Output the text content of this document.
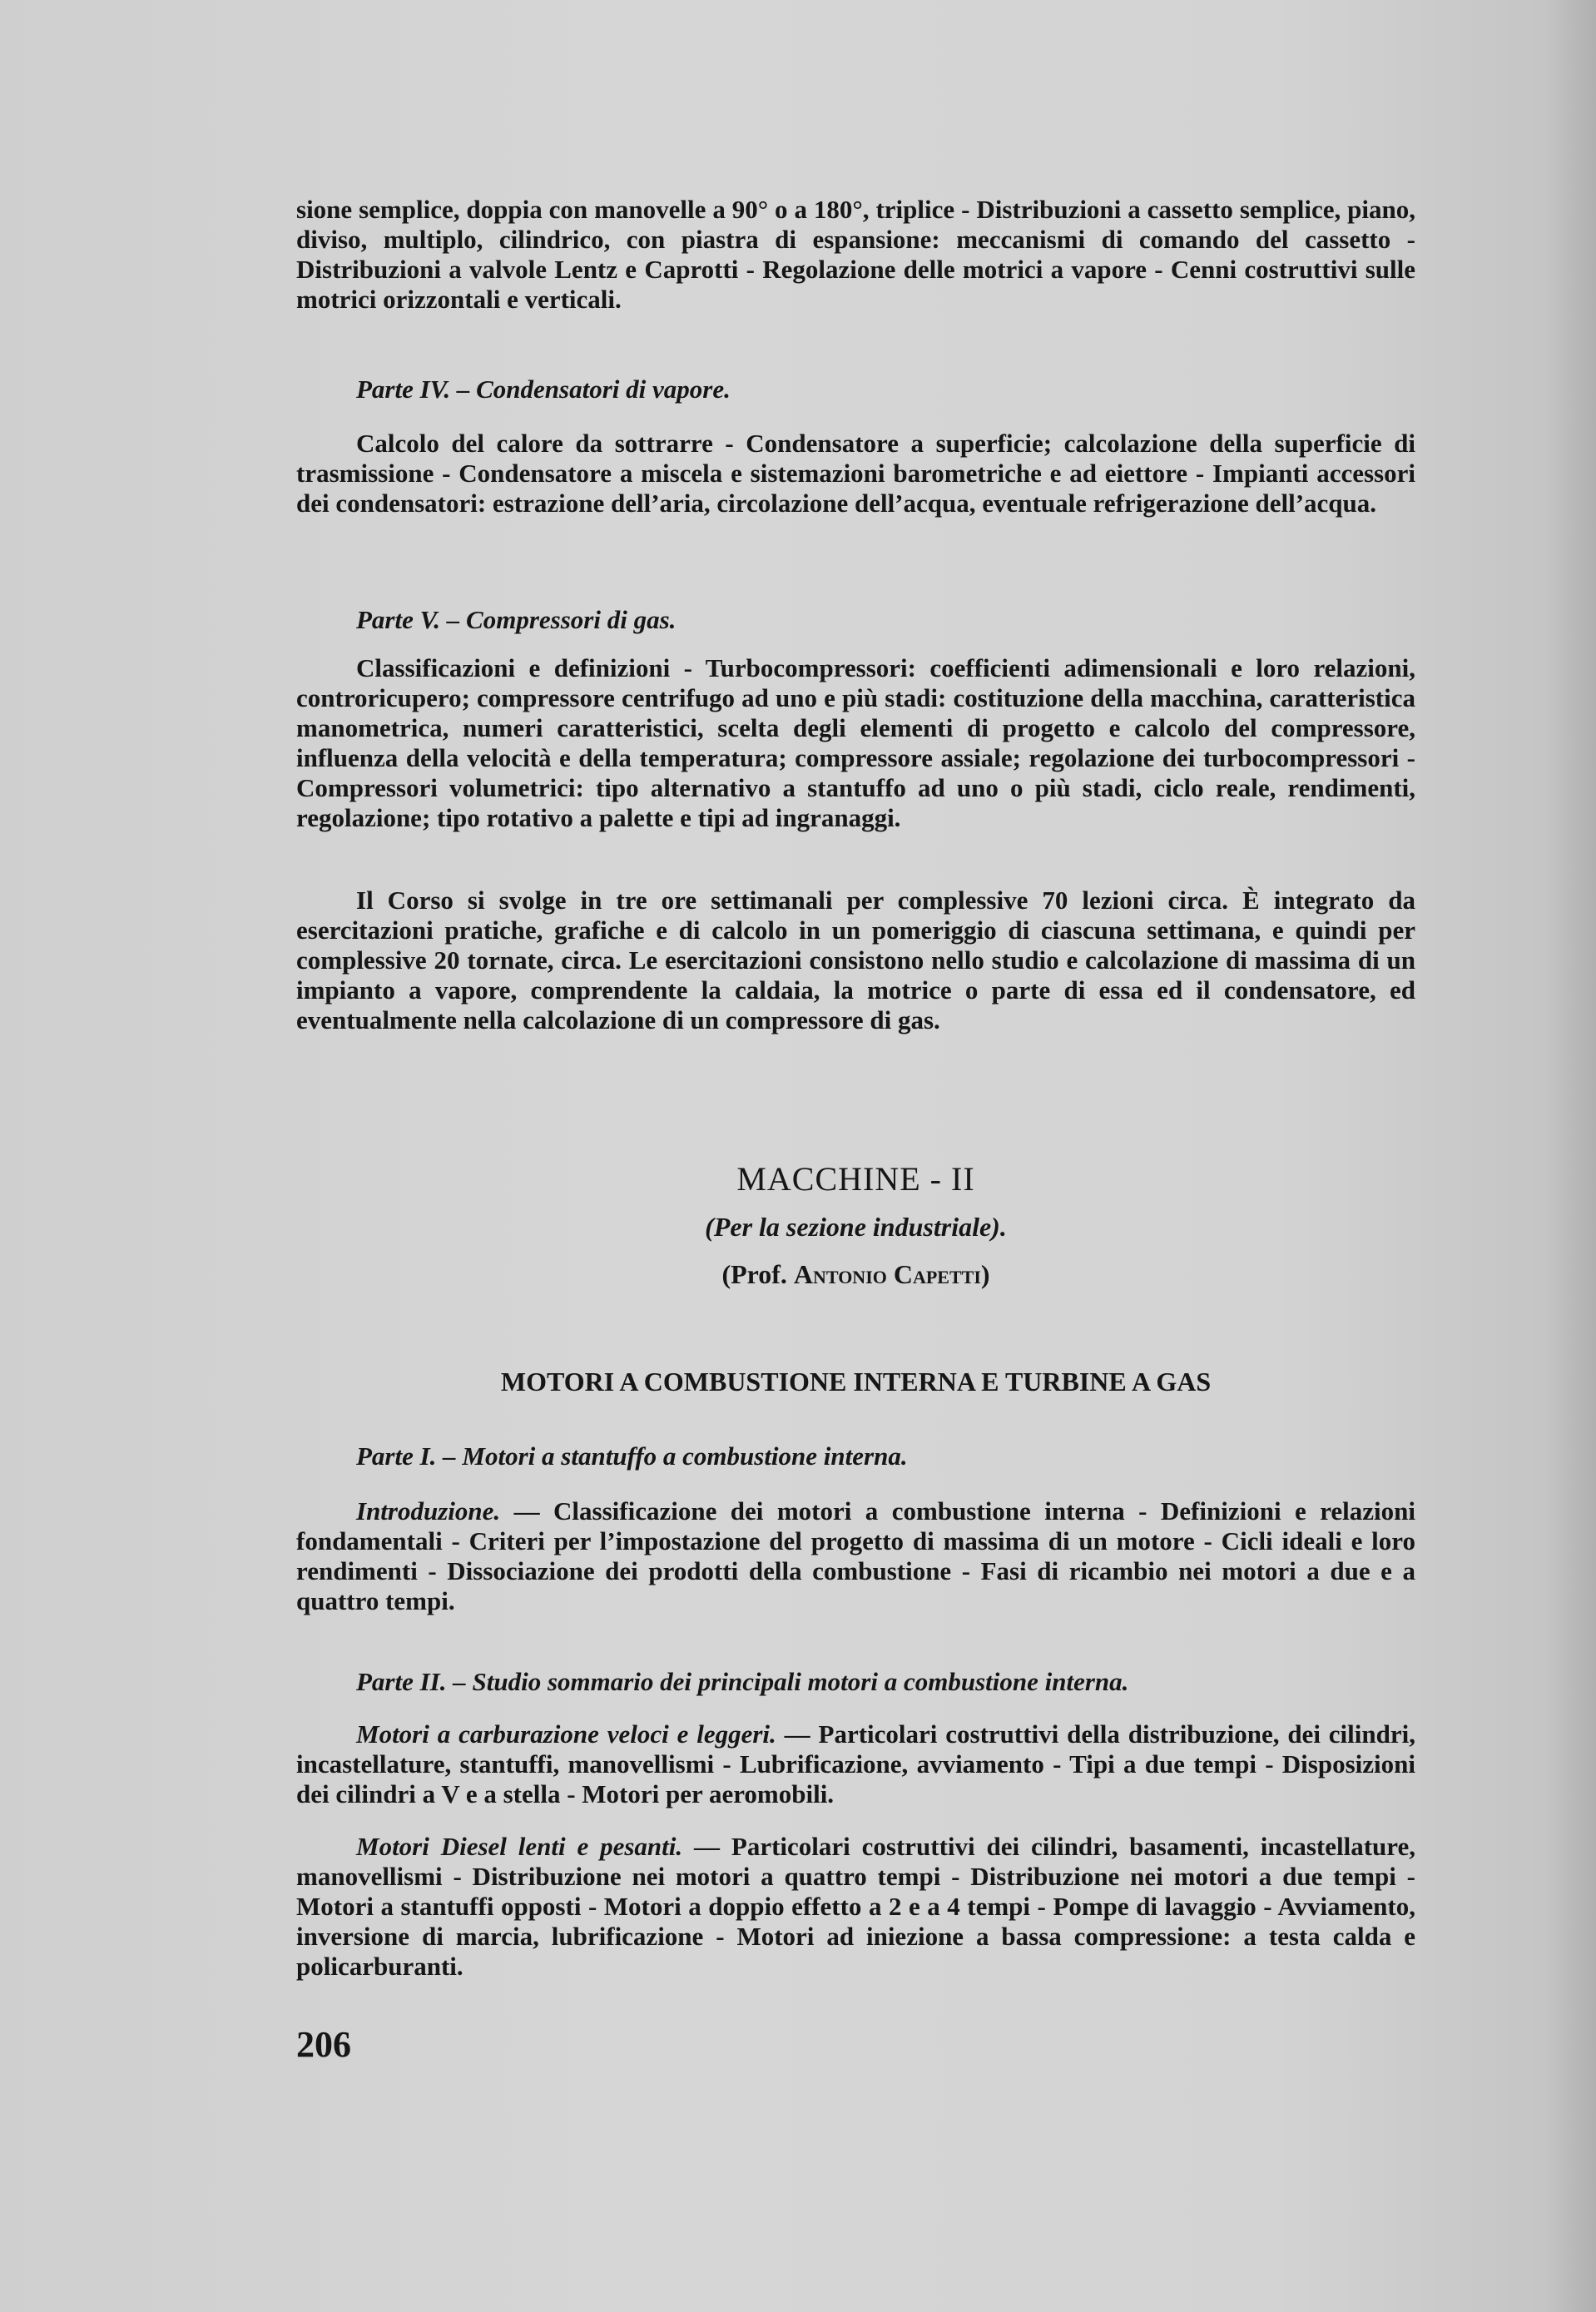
sione semplice, doppia con manovelle a 90° o a 180°, triplice - Distribuzioni a cassetto semplice, piano, diviso, multiplo, cilindrico, con piastra di espansione: meccanismi di comando del cassetto - Distribuzioni a valvole Lentz e Caprotti - Regolazione delle motrici a vapore - Cenni costruttivi sulle motrici orizzontali e verticali.

Parte IV. – Condensatori di vapore.

Calcolo del calore da sottrarre - Condensatore a superficie; calcolazione della superficie di trasmissione - Condensatore a miscela e sistemazioni barometriche e ad eiettore - Impianti accessori dei condensatori: estrazione dell’aria, circolazione dell’acqua, eventuale refrigerazione dell’acqua.

Parte V. – Compressori di gas.

Classificazioni e definizioni - Turbocompressori: coefficienti adimensionali e loro relazioni, controricupero; compressore centrifugo ad uno e più stadi: costituzione della macchina, caratteristica manometrica, numeri caratteristici, scelta degli elementi di progetto e calcolo del compressore, influenza della velocità e della temperatura; compressore assiale; regolazione dei turbocompressori - Compressori volumetrici: tipo alternativo a stantuffo ad uno o più stadi, ciclo reale, rendimenti, regolazione; tipo rotativo a palette e tipi ad ingranaggi.

Il Corso si svolge in tre ore settimanali per complessive 70 lezioni circa. È integrato da esercitazioni pratiche, grafiche e di calcolo in un pomeriggio di ciascuna settimana, e quindi per complessive 20 tornate, circa. Le esercitazioni consistono nello studio e calcolazione di massima di un impianto a vapore, comprendente la caldaia, la motrice o parte di essa ed il condensatore, ed eventualmente nella calcolazione di un compressore di gas.

MACCHINE - II

(Per la sezione industriale).

(Prof. Antonio Capetti)

MOTORI A COMBUSTIONE INTERNA E TURBINE A GAS

Parte I. – Motori a stantuffo a combustione interna.

Introduzione. — Classificazione dei motori a combustione interna - Definizioni e relazioni fondamentali - Criteri per l’impostazione del progetto di massima di un motore - Cicli ideali e loro rendimenti - Dissociazione dei prodotti della combustione - Fasi di ricambio nei motori a due e a quattro tempi.

Parte II. – Studio sommario dei principali motori a combustione interna.

Motori a carburazione veloci e leggeri. — Particolari costruttivi della distribuzione, dei cilindri, incastellature, stantuffi, manovellismi - Lubrificazione, avviamento - Tipi a due tempi - Disposizioni dei cilindri a V e a stella - Motori per aeromobili.

Motori Diesel lenti e pesanti. — Particolari costruttivi dei cilindri, basamenti, incastellature, manovellismi - Distribuzione nei motori a quattro tempi - Distribuzione nei motori a due tempi - Motori a stantuffi opposti - Motori a doppio effetto a 2 e a 4 tempi - Pompe di lavaggio - Avviamento, inversione di marcia, lubrificazione - Motori ad iniezione a bassa compressione: a testa calda e policarburanti.

206
